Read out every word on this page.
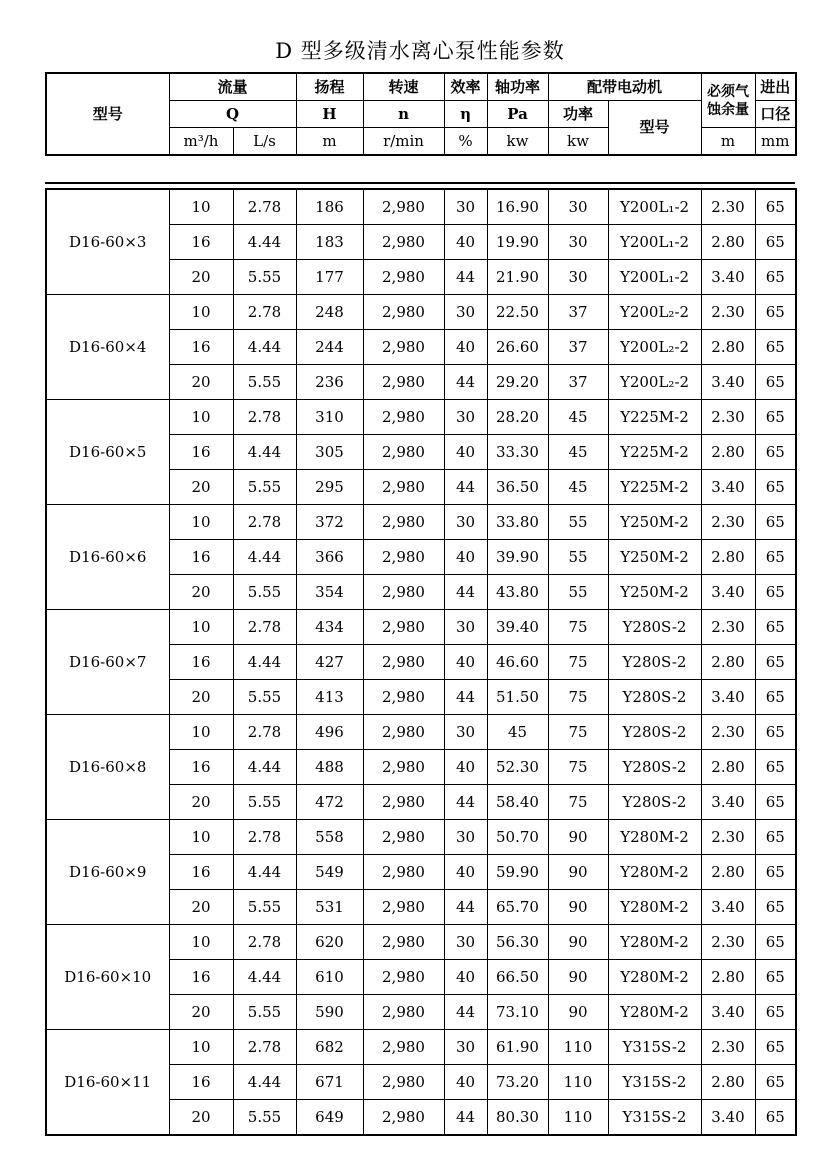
D 型多级清水离心泵性能参数
型号	流量		扬程	转速	效率	轴功率	配带电动机		必须气蚀余量	进出
	Q		H	n	η	Pa	功率	型号		口径
	m³/h	L/s	m	r/min	%	kw	kw		m	mm
D16-60×3	10	2.78	186	2,980	30	16.90	30	Y200L₁-2	2.30	65
	16	4.44	183	2,980	40	19.90	30	Y200L₁-2	2.80	65
	20	5.55	177	2,980	44	21.90	30	Y200L₁-2	3.40	65
D16-60×4	10	2.78	248	2,980	30	22.50	37	Y200L₂-2	2.30	65
	16	4.44	244	2,980	40	26.60	37	Y200L₂-2	2.80	65
	20	5.55	236	2,980	44	29.20	37	Y200L₂-2	3.40	65
D16-60×5	10	2.78	310	2,980	30	28.20	45	Y225M-2	2.30	65
	16	4.44	305	2,980	40	33.30	45	Y225M-2	2.80	65
	20	5.55	295	2,980	44	36.50	45	Y225M-2	3.40	65
D16-60×6	10	2.78	372	2,980	30	33.80	55	Y250M-2	2.30	65
	16	4.44	366	2,980	40	39.90	55	Y250M-2	2.80	65
	20	5.55	354	2,980	44	43.80	55	Y250M-2	3.40	65
D16-60×7	10	2.78	434	2,980	30	39.40	75	Y280S-2	2.30	65
	16	4.44	427	2,980	40	46.60	75	Y280S-2	2.80	65
	20	5.55	413	2,980	44	51.50	75	Y280S-2	3.40	65
D16-60×8	10	2.78	496	2,980	30	45	75	Y280S-2	2.30	65
	16	4.44	488	2,980	40	52.30	75	Y280S-2	2.80	65
	20	5.55	472	2,980	44	58.40	75	Y280S-2	3.40	65
D16-60×9	10	2.78	558	2,980	30	50.70	90	Y280M-2	2.30	65
	16	4.44	549	2,980	40	59.90	90	Y280M-2	2.80	65
	20	5.55	531	2,980	44	65.70	90	Y280M-2	3.40	65
D16-60×10	10	2.78	620	2,980	30	56.30	90	Y280M-2	2.30	65
	16	4.44	610	2,980	40	66.50	90	Y280M-2	2.80	65
	20	5.55	590	2,980	44	73.10	90	Y280M-2	3.40	65
D16-60×11	10	2.78	682	2,980	30	61.90	110	Y315S-2	2.30	65
	16	4.44	671	2,980	40	73.20	110	Y315S-2	2.80	65
	20	5.55	649	2,980	44	80.30	110	Y315S-2	3.40	65
